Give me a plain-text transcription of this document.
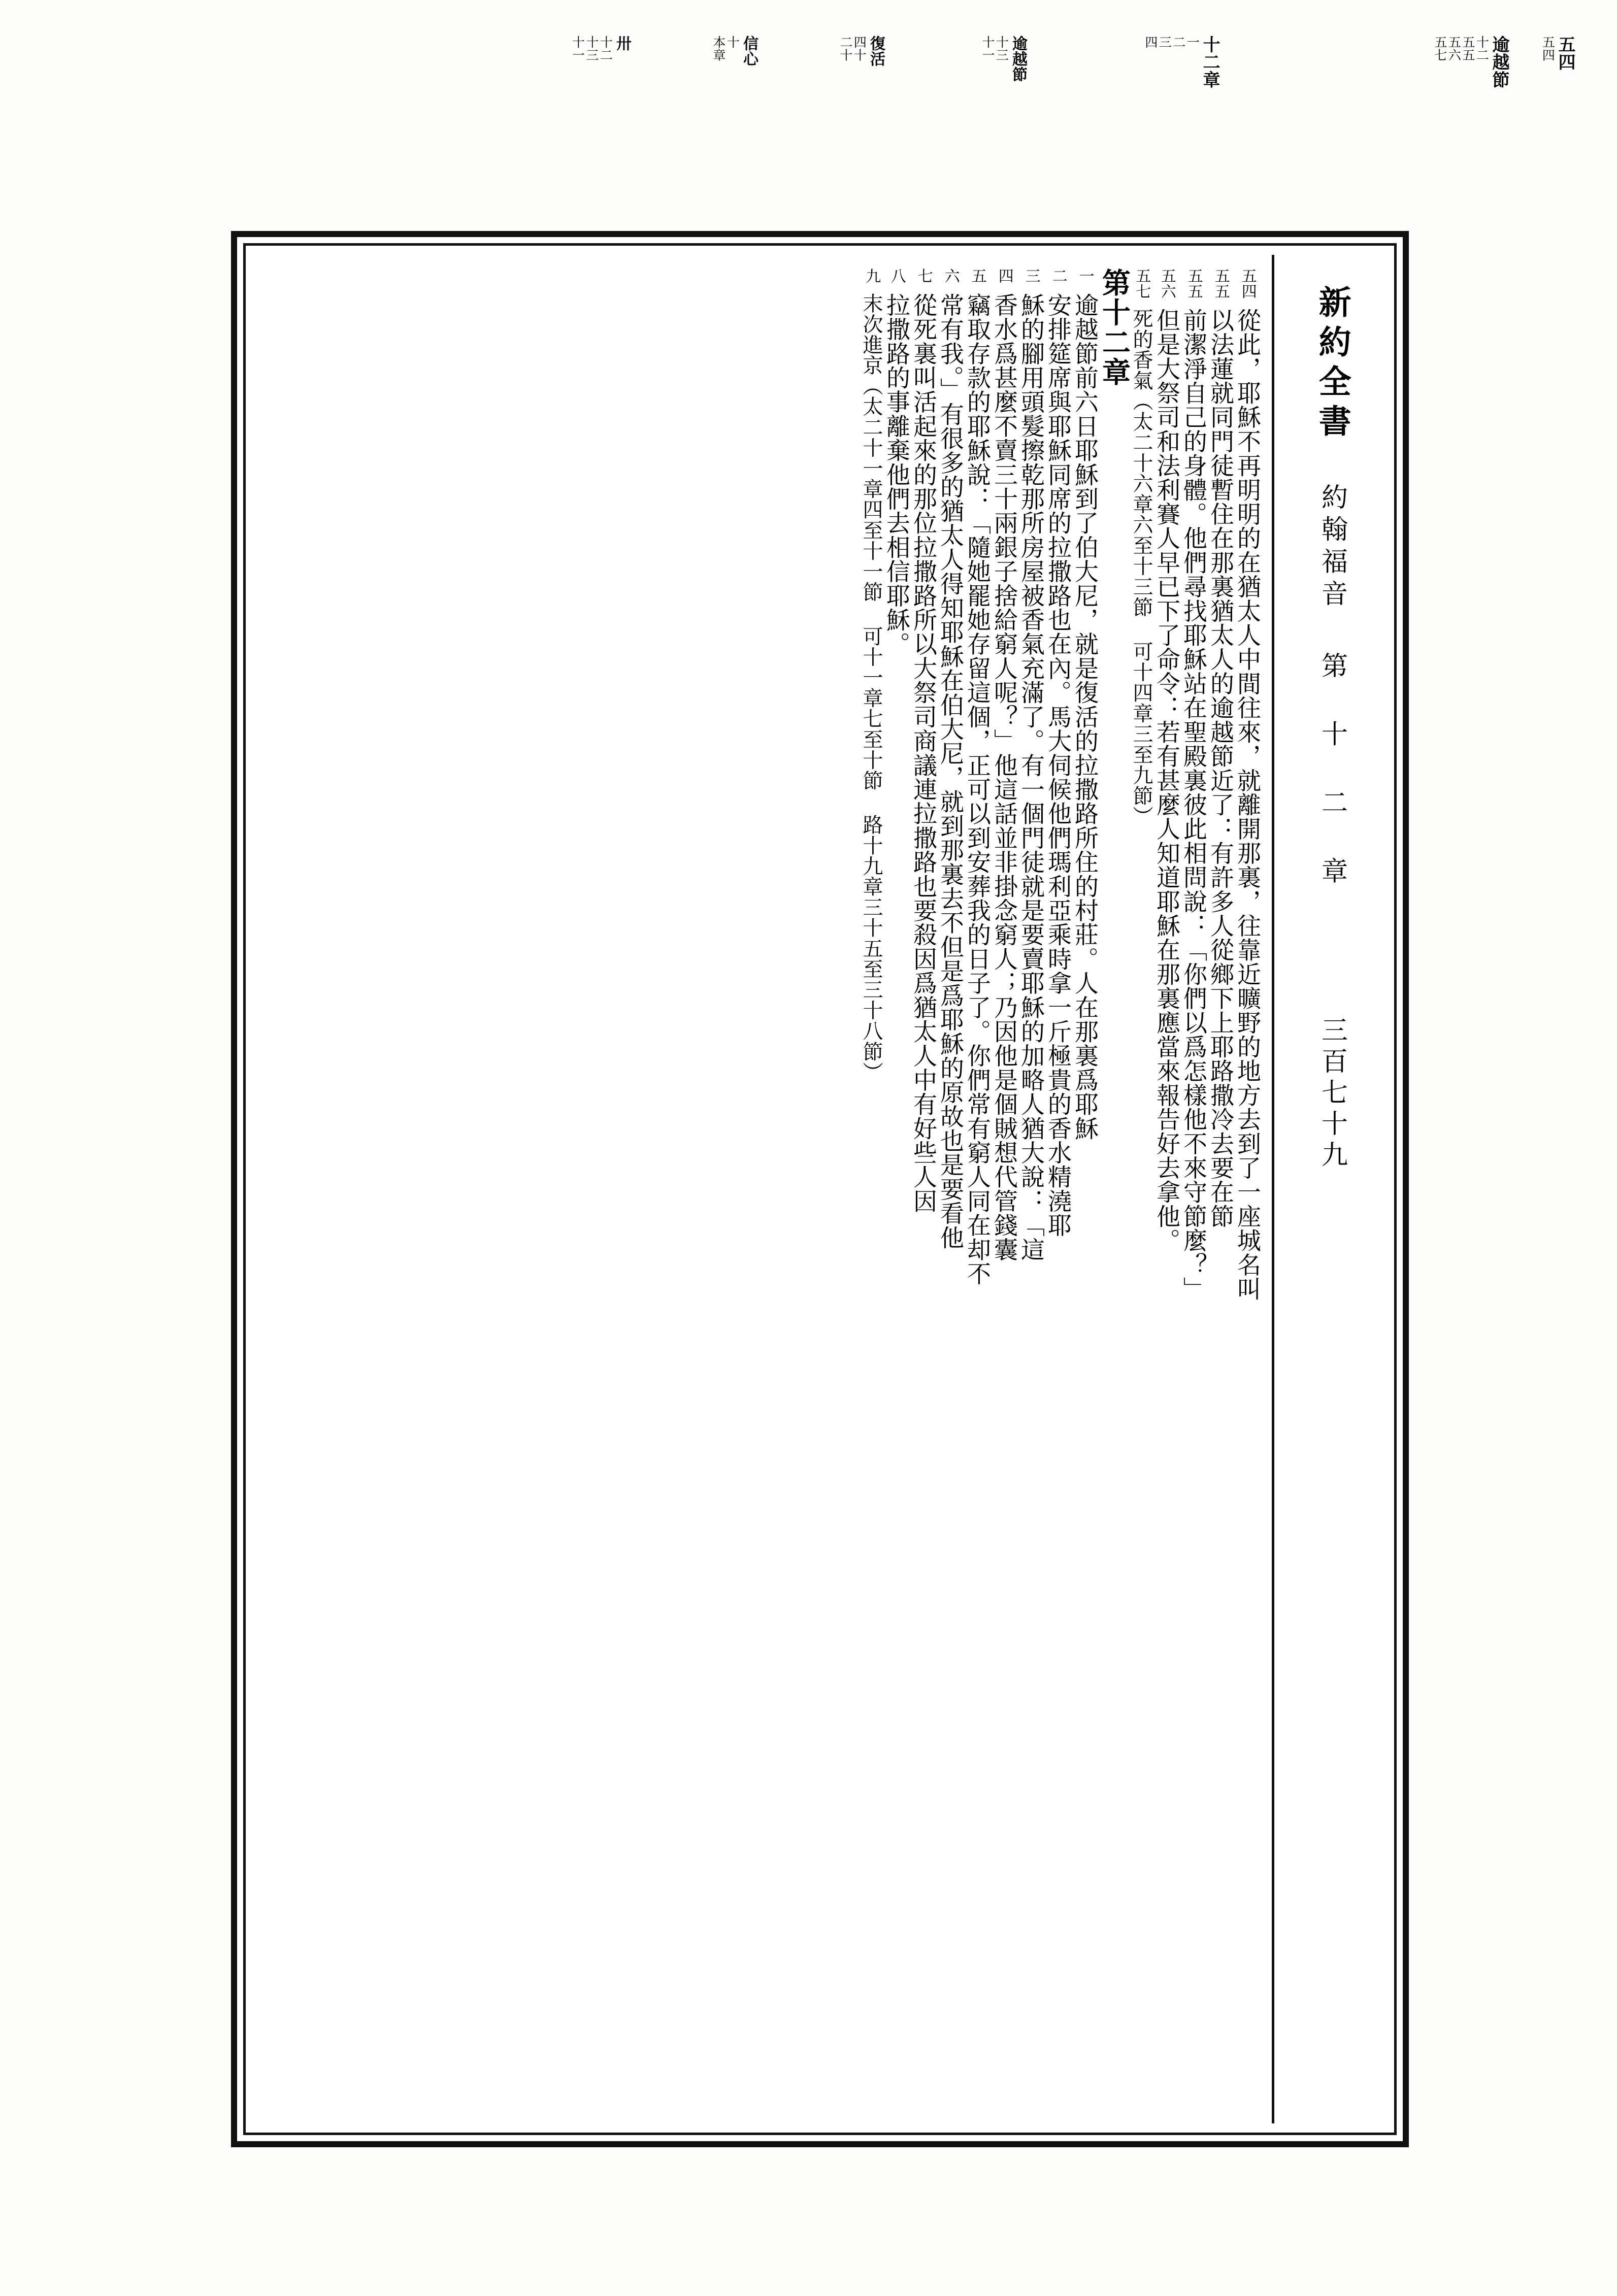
五四
五四
逾越節
十二
五五
五六
五七
十二章
一
二
三
四
逾越節
十三
十一
復活
四十
二十
信心
十
本章
卅
十二
十三
十一
新約全書
約翰福音
第 十 二 章
三百七十九
五四
從此，耶穌不再明明的在猶太人中間往來，就離開那裏，往靠近曠野的地方去到了一座城名叫
五五
以法蓮就同門徒暫住在那裏猶太人的逾越節近了：有許多人從鄉下上耶路撒冷去要在節
五五
前潔淨自己的身體。他們尋找耶穌站在聖殿裏彼此相問說：「你們以爲怎樣他不來守節麼？」
五六
但是大祭司和法利賽人早已下了命令：若有甚麼人知道耶穌在那裏應當來報告好去拿他。
五七
死的香氣（太二十六章六至十三節 可十四章三至九節）
第十二章
一
逾越節前六日耶穌到了伯大尼，就是復活的拉撒路所住的村莊。人在那裏爲耶穌
二
安排筵席與耶穌同席的拉撒路也在內。馬大伺候他們瑪利亞乘時拿一斤極貴的香水精澆耶
三
穌的腳用頭髮擦乾那所房屋被香氣充滿了。有一個門徒就是要賣耶穌的加略人猶大說：「這
四
香水爲甚麼不賣三十兩銀子捨給窮人呢？」他這話並非掛念窮人；乃因他是個賊想代管錢囊
五
竊取存款的耶穌說：「隨她罷她存留這個，正可以到安葬我的日子了。你們常有窮人同在却不
六
常有我。」有很多的猶太人得知耶穌在伯大尼，就到那裏去不但是爲耶穌的原故也是要看他
七
從死裏叫活起來的那位拉撒路所以大祭司商議連拉撒路也要殺因爲猶太人中有好些人因
八
拉撒路的事離棄他們去相信耶穌。
九
末次進京（太二十一章四至十一節 可十一章七至十節 路十九章三十五至三十八節）
